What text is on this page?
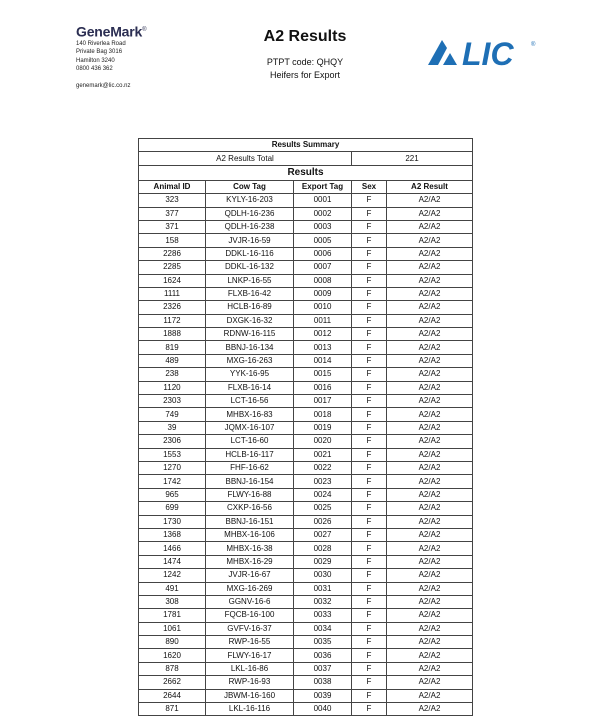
GeneMark®
140 Riverlea Road
Private Bag 3016
Hamilton 3240
0800 436 362
genemark@lic.co.nz
A2 Results
PTPT code: QHQY
Heifers for Export
LIC	®
Results Summary				
A2 Results Total			221	
Results				
Animal ID	Cow Tag	Export Tag	Sex	A2 Result
323	KYLY-16-203	0001	F	A2/A2
377	QDLH-16-236	0002	F	A2/A2
371	QDLH-16-238	0003	F	A2/A2
158	JVJR-16-59	0005	F	A2/A2
2286	DDKL-16-116	0006	F	A2/A2
2285	DDKL-16-132	0007	F	A2/A2
1624	LNKP-16-55	0008	F	A2/A2
1111	FLXB-16-42	0009	F	A2/A2
2326	HCLB-16-89	0010	F	A2/A2
1172	DXGK-16-32	0011	F	A2/A2
1888	RDNW-16-115	0012	F	A2/A2
819	BBNJ-16-134	0013	F	A2/A2
489	MXG-16-263	0014	F	A2/A2
238	YYK-16-95	0015	F	A2/A2
1120	FLXB-16-14	0016	F	A2/A2
2303	LCT-16-56	0017	F	A2/A2
749	MHBX-16-83	0018	F	A2/A2
39	JQMX-16-107	0019	F	A2/A2
2306	LCT-16-60	0020	F	A2/A2
1553	HCLB-16-117	0021	F	A2/A2
1270	FHF-16-62	0022	F	A2/A2
1742	BBNJ-16-154	0023	F	A2/A2
965	FLWY-16-88	0024	F	A2/A2
699	CXKP-16-56	0025	F	A2/A2
1730	BBNJ-16-151	0026	F	A2/A2
1368	MHBX-16-106	0027	F	A2/A2
1466	MHBX-16-38	0028	F	A2/A2
1474	MHBX-16-29	0029	F	A2/A2
1242	JVJR-16-67	0030	F	A2/A2
491	MXG-16-269	0031	F	A2/A2
308	GGNV-16-6	0032	F	A2/A2
1781	FQCB-16-100	0033	F	A2/A2
1061	GVFV-16-37	0034	F	A2/A2
890	RWP-16-55	0035	F	A2/A2
1620	FLWY-16-17	0036	F	A2/A2
878	LKL-16-86	0037	F	A2/A2
2662	RWP-16-93	0038	F	A2/A2
2644	JBWM-16-160	0039	F	A2/A2
871	LKL-16-116	0040	F	A2/A2
